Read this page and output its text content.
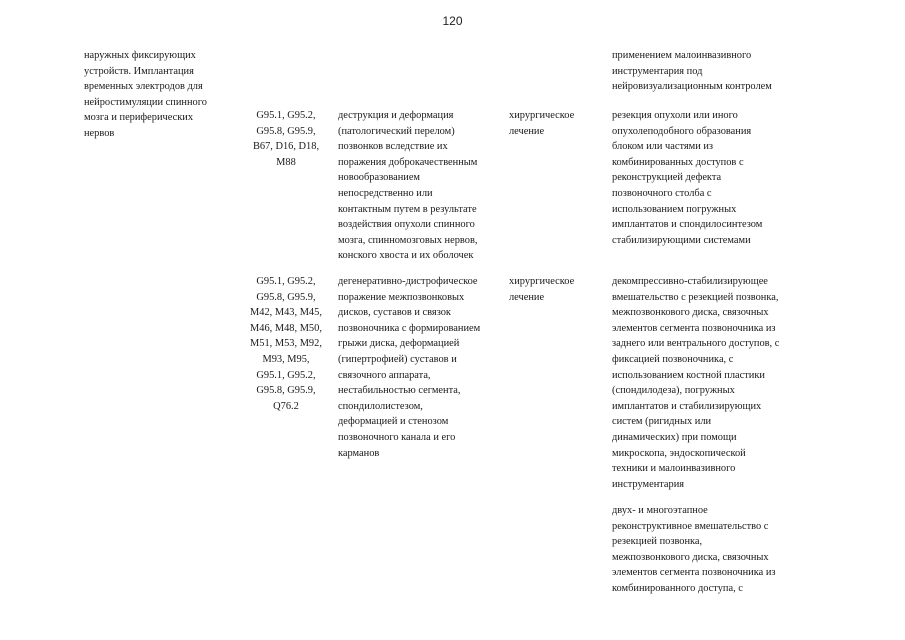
120
наружных фиксирующих
устройств. Имплантация
временных электродов для
нейростимуляции спинного
мозга и периферических
нервов
применением малоинвазивного
инструментария под
нейровизуализационным контролем
G95.1, G95.2,
G95.8, G95.9,
B67, D16, D18,
M88
деструкция и деформация
(патологический перелом)
позвонков вследствие их
поражения доброкачественным
новообразованием
непосредственно или
контактным путем в результате
воздействия опухоли спинного
мозга, спинномозговых нервов,
конского хвоста и их оболочек
хирургическое
лечение
резекция опухоли или иного
опухолеподобного образования
блоком или частями из
комбинированных доступов с
реконструкцией дефекта
позвоночного столба с
использованием погружных
имплантатов и спондилосинтезом
стабилизирующими системами
G95.1, G95.2,
G95.8, G95.9,
M42, M43, M45,
M46, M48, M50,
M51, M53, M92,
M93, M95,
G95.1, G95.2,
G95.8, G95.9,
Q76.2
дегенеративно-дистрофическое
поражение межпозвонковых
дисков, суставов и связок
позвоночника с формированием
грыжи диска, деформацией
(гипертрофией) суставов и
связочного аппарата,
нестабильностью сегмента,
спондилолистезом,
деформацией и стенозом
позвоночного канала и его
карманов
хирургическое
лечение
декомпрессивно-стабилизирующее
вмешательство с резекцией позвонка,
межпозвонкового диска, связочных
элементов сегмента позвоночника из
заднего или вентрального доступов, с
фиксацией позвоночника, с
использованием костной пластики
(спондилодеза), погружных
имплантатов и стабилизирующих
систем (ригидных или
динамических) при помощи
микроскопа, эндоскопической
техники и малоинвазивного
инструментария
двух- и многоэтапное
реконструктивное вмешательство с
резекцией позвонка,
межпозвонкового диска, связочных
элементов сегмента позвоночника из
комбинированного доступа, с
